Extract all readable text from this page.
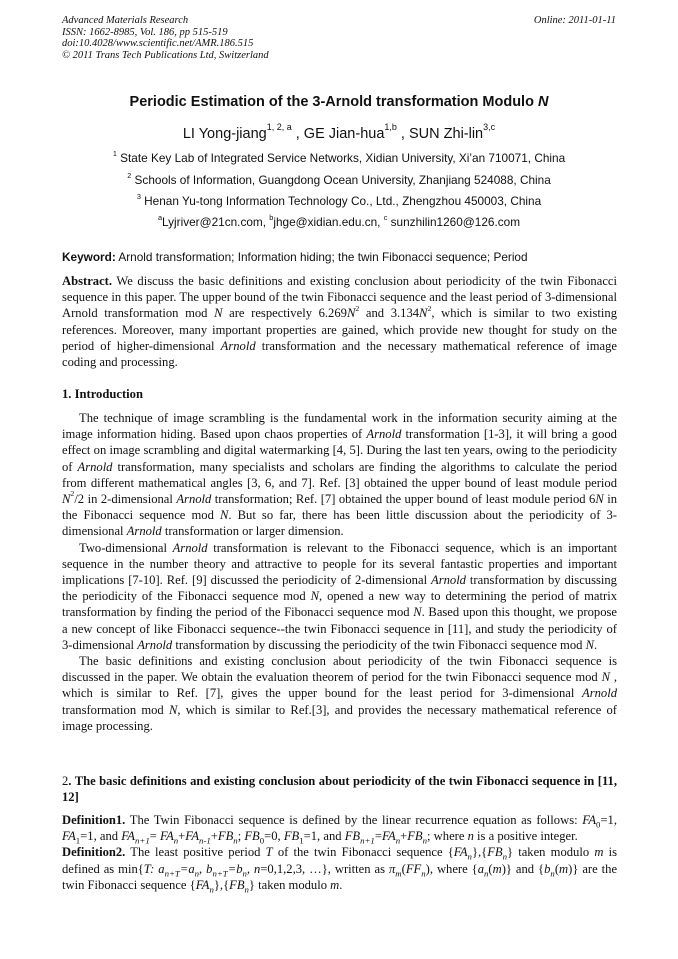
Advanced Materials Research
ISSN: 1662-8985, Vol. 186, pp 515-519
doi:10.4028/www.scientific.net/AMR.186.515
© 2011 Trans Tech Publications Ltd, Switzerland
Online: 2011-01-11
Periodic Estimation of the 3-Arnold transformation Modulo N
LI Yong-jiang$^{1, 2, a}$ , GE Jian-hua$^{1,b}$ , SUN Zhi-lin$^{3,c}$
$^1$ State Key Lab of Integrated Service Networks, Xidian University, Xi’an 710071, China
$^2$ Schools of Information, Guangdong Ocean University, Zhanjiang 524088, China
$^3$ Henan Yu-tong Information Technology Co., Ltd., Zhengzhou 450003, China
$^a$Lyjriver@21cn.com, $^b$jhge@xidian.edu.cn, $^c$ sunzhilin1260@126.com
Keyword: Arnold transformation; Information hiding; the twin Fibonacci sequence; Period

Abstract. We discuss the basic definitions and existing conclusion about periodicity of the twin Fibonacci sequence in this paper. The upper bound of the twin Fibonacci sequence and the least period of 3-dimensional Arnold transformation mod N are respectively $6.269N^2$ and $3.134N^2$, which is similar to two existing references. Moreover, many important properties are gained, which provide new thought for study on the period of higher-dimensional Arnold transformation and the necessary mathematical reference of image coding and processing.

1. Introduction

The technique of image scrambling is the fundamental work in the information security aiming at the image information hiding. Based upon chaos properties of Arnold transformation [1-3], it will bring a good effect on image scrambling and digital watermarking [4, 5]. During the last ten years, owing to the periodicity of Arnold transformation, many specialists and scholars are finding the algorithms to calculate the period from different mathematical angles [3, 6, and 7]. Ref. [3] obtained the upper bound of least module period $N^2/2$ in 2-dimensional Arnold transformation; Ref. [7] obtained the upper bound of least module period 6N in the Fibonacci sequence mod N. But so far, there has been little discussion about the periodicity of 3-dimensional Arnold transformation or larger dimension.

Two-dimensional Arnold transformation is relevant to the Fibonacci sequence, which is an important sequence in the number theory and attractive to people for its several fantastic properties and important implications [7-10]. Ref. [9] discussed the periodicity of 2-dimensional Arnold transformation by discussing the periodicity of the Fibonacci sequence mod N, opened a new way to determining the period of matrix transformation by finding the period of the Fibonacci sequence mod N. Based upon this thought, we propose a new concept of like Fibonacci sequence--the twin Fibonacci sequence in [11], and study the periodicity of 3-dimensional Arnold transformation by discussing the periodicity of the twin Fibonacci sequence mod N.

The basic definitions and existing conclusion about periodicity of the twin Fibonacci sequence is discussed in the paper. We obtain the evaluation theorem of period for the twin Fibonacci sequence mod N , which is similar to Ref. [7], gives the upper bound for the least period for 3-dimensional Arnold transformation mod N, which is similar to Ref.[3], and provides the necessary mathematical reference of image processing.

2. The basic definitions and existing conclusion about periodicity of the twin Fibonacci sequence in [11, 12]

Definition1. The Twin Fibonacci sequence is defined by the linear recurrence equation as follows: $FA_0=1$, $FA_1=1$, and $FA_{n+1}= FA_n+FA_{n-1}+FB_n$; $FB_0=0$, $FB_1=1$, and $FB_{n+1}=FA_n+FB_n$; where n is a positive integer.

Definition2. The least positive period T of the twin Fibonacci sequence $\{FA_n\},\{FB_n\}$ taken modulo m is defined as min{T: $a_{n+T}=a_n$, $b_{n+T}=b_n$, n=0,1,2,3, …}, written as $\pi_m(FF_n)$, where $\{a_n(m)\}$ and $\{b_n(m)\}$ are the twin Fibonacci sequence $\{FA_n\},\{FB_n\}$ taken modulo m.
